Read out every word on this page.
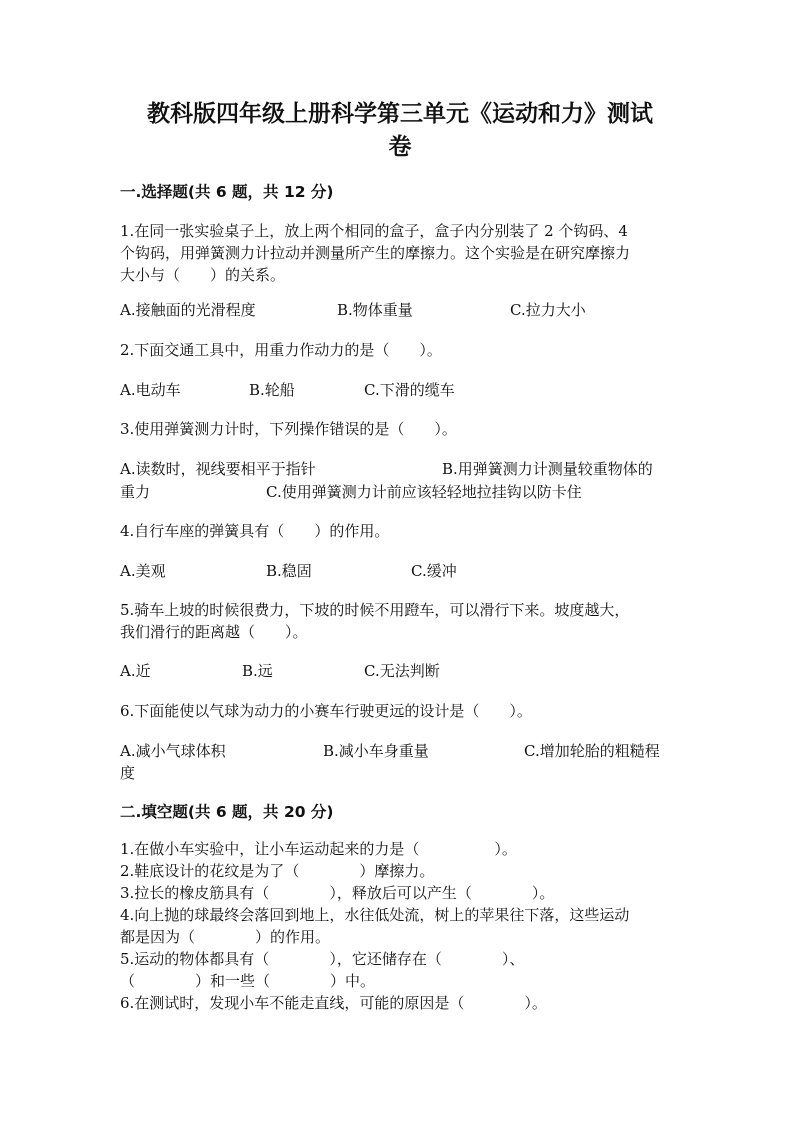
教科版四年级上册科学第三单元《运动和力》测试
卷
一.选择题(共 6 题，共 12 分)
1.在同一张实验桌子上，放上两个相同的盒子，盒子内分别装了 2 个钩码、4
个钩码，用弹簧测力计拉动并测量所产生的摩擦力。这个实验是在研究摩擦力
大小与（　　）的关系。
A.接触面的光滑程度	B.物体重量	C.拉力大小
2.下面交通工具中，用重力作动力的是（　　）。
A.电动车	B.轮船	C.下滑的缆车
3.使用弹簧测力计时，下列操作错误的是（　　）。
A.读数时，视线要相平于指针	B.用弹簧测力计测量较重物体的
重力	C.使用弹簧测力计前应该轻轻地拉挂钩以防卡住
4.自行车座的弹簧具有（　　）的作用。
A.美观	B.稳固	C.缓冲
5.骑车上坡的时候很费力，下坡的时候不用蹬车，可以滑行下来。坡度越大，
我们滑行的距离越（　　）。
A.近	B.远	C.无法判断
6.下面能使以气球为动力的小赛车行驶更远的设计是（　　）。
A.减小气球体积	B.减小车身重量	C.增加轮胎的粗糙程
度
二.填空题(共 6 题，共 20 分)
1.在做小车实验中，让小车运动起来的力是（　　　　　）。
2.鞋底设计的花纹是为了（　　　　）摩擦力。
3.拉长的橡皮筋具有（　　　　），释放后可以产生（　　　　）。
4.向上抛的球最终会落回到地上，水往低处流，树上的苹果往下落，这些运动
都是因为（　　　　）的作用。
5.运动的物体都具有（　　　　），它还储存在（　　　　）、
（　　　　）和一些（　　　　）中。
6.在测试时，发现小车不能走直线，可能的原因是（　　　　）。
